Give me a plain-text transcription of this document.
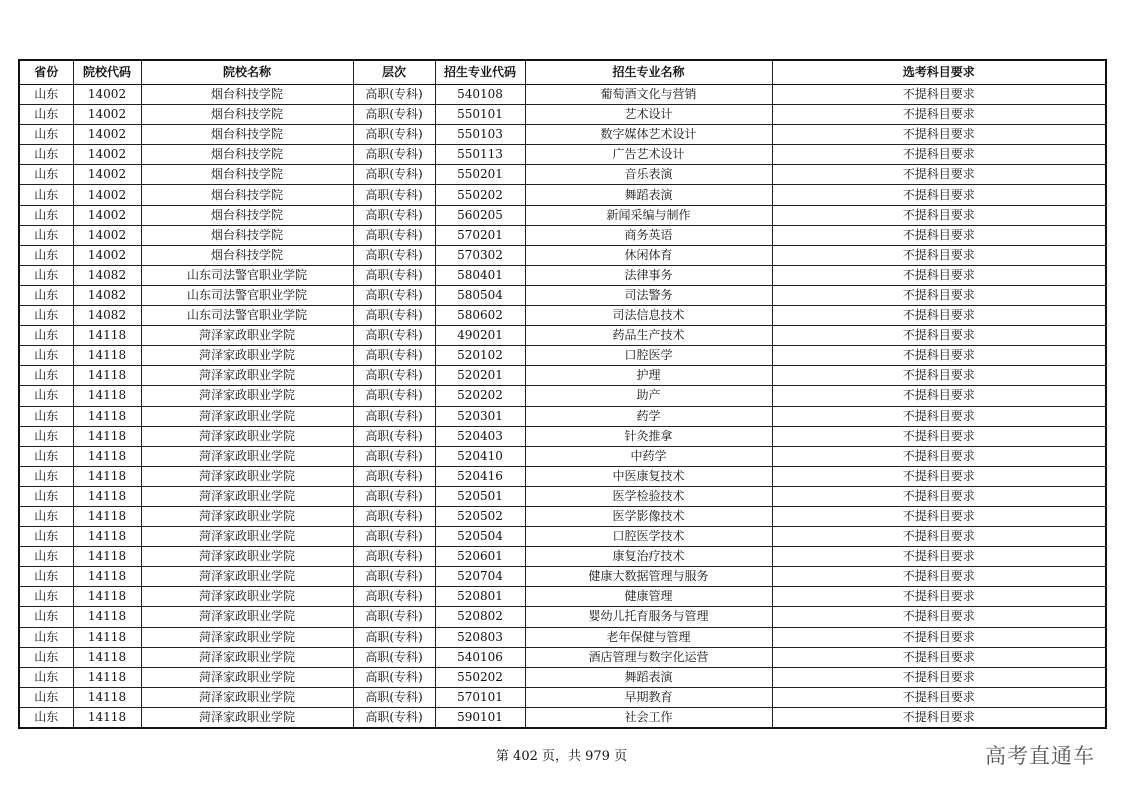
省份	院校代码	院校名称	层次	招生专业代码	招生专业名称	选考科目要求
山东	14002	烟台科技学院	高职(专科)	540108	葡萄酒文化与营销	不提科目要求
山东	14002	烟台科技学院	高职(专科)	550101	艺术设计	不提科目要求
山东	14002	烟台科技学院	高职(专科)	550103	数字媒体艺术设计	不提科目要求
山东	14002	烟台科技学院	高职(专科)	550113	广告艺术设计	不提科目要求
山东	14002	烟台科技学院	高职(专科)	550201	音乐表演	不提科目要求
山东	14002	烟台科技学院	高职(专科)	550202	舞蹈表演	不提科目要求
山东	14002	烟台科技学院	高职(专科)	560205	新闻采编与制作	不提科目要求
山东	14002	烟台科技学院	高职(专科)	570201	商务英语	不提科目要求
山东	14002	烟台科技学院	高职(专科)	570302	休闲体育	不提科目要求
山东	14082	山东司法警官职业学院	高职(专科)	580401	法律事务	不提科目要求
山东	14082	山东司法警官职业学院	高职(专科)	580504	司法警务	不提科目要求
山东	14082	山东司法警官职业学院	高职(专科)	580602	司法信息技术	不提科目要求
山东	14118	菏泽家政职业学院	高职(专科)	490201	药品生产技术	不提科目要求
山东	14118	菏泽家政职业学院	高职(专科)	520102	口腔医学	不提科目要求
山东	14118	菏泽家政职业学院	高职(专科)	520201	护理	不提科目要求
山东	14118	菏泽家政职业学院	高职(专科)	520202	助产	不提科目要求
山东	14118	菏泽家政职业学院	高职(专科)	520301	药学	不提科目要求
山东	14118	菏泽家政职业学院	高职(专科)	520403	针灸推拿	不提科目要求
山东	14118	菏泽家政职业学院	高职(专科)	520410	中药学	不提科目要求
山东	14118	菏泽家政职业学院	高职(专科)	520416	中医康复技术	不提科目要求
山东	14118	菏泽家政职业学院	高职(专科)	520501	医学检验技术	不提科目要求
山东	14118	菏泽家政职业学院	高职(专科)	520502	医学影像技术	不提科目要求
山东	14118	菏泽家政职业学院	高职(专科)	520504	口腔医学技术	不提科目要求
山东	14118	菏泽家政职业学院	高职(专科)	520601	康复治疗技术	不提科目要求
山东	14118	菏泽家政职业学院	高职(专科)	520704	健康大数据管理与服务	不提科目要求
山东	14118	菏泽家政职业学院	高职(专科)	520801	健康管理	不提科目要求
山东	14118	菏泽家政职业学院	高职(专科)	520802	婴幼儿托育服务与管理	不提科目要求
山东	14118	菏泽家政职业学院	高职(专科)	520803	老年保健与管理	不提科目要求
山东	14118	菏泽家政职业学院	高职(专科)	540106	酒店管理与数字化运营	不提科目要求
山东	14118	菏泽家政职业学院	高职(专科)	550202	舞蹈表演	不提科目要求
山东	14118	菏泽家政职业学院	高职(专科)	570101	早期教育	不提科目要求
山东	14118	菏泽家政职业学院	高职(专科)	590101	社会工作	不提科目要求
第 402 页，共 979 页	高考直通车
